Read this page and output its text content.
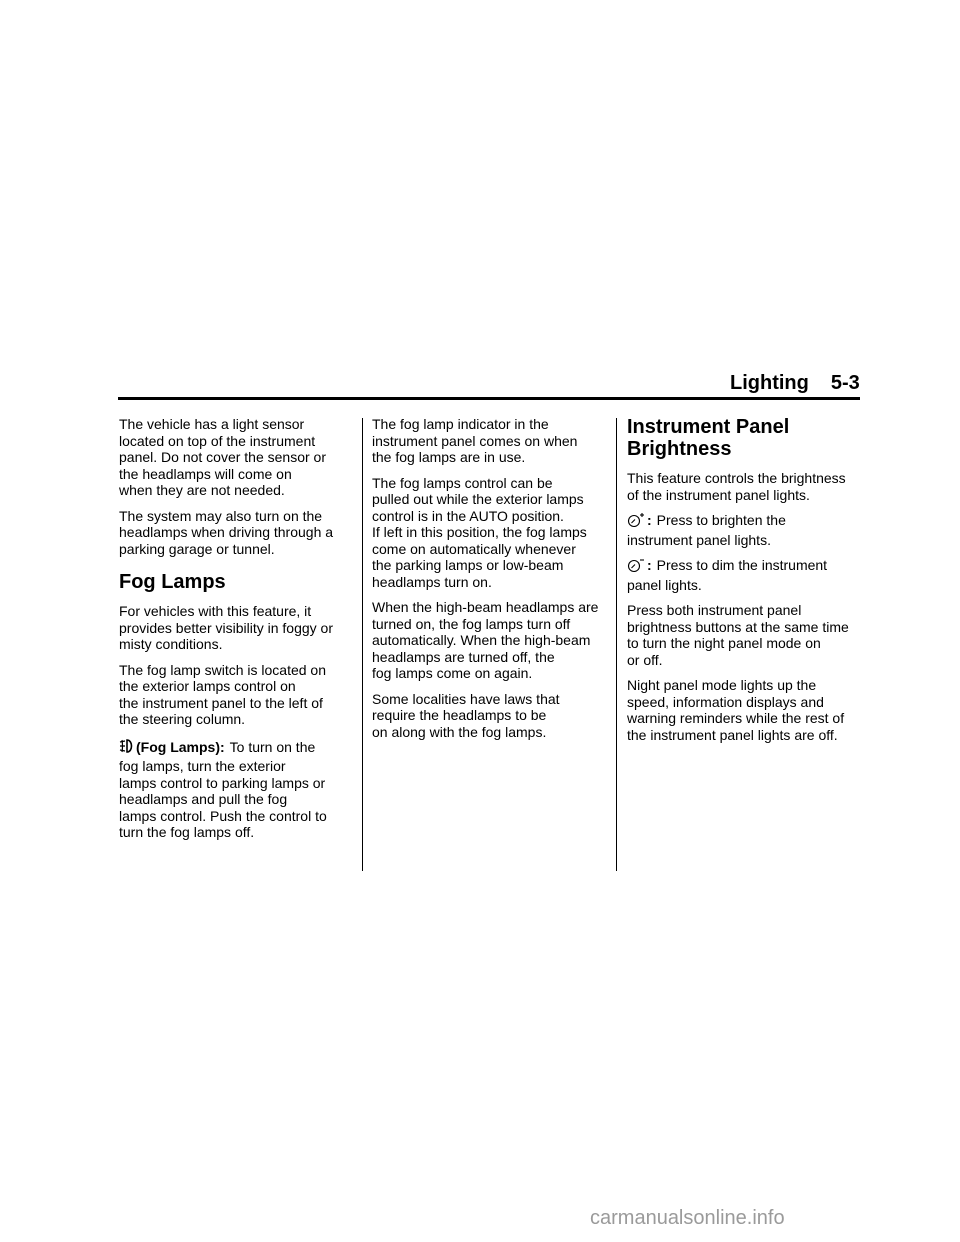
Lighting 5-3

The vehicle has a light sensor
located on top of the instrument
panel. Do not cover the sensor or
the headlamps will come on
when they are not needed.

The system may also turn on the
headlamps when driving through a
parking garage or tunnel.

Fog Lamps

For vehicles with this feature, it
provides better visibility in foggy or
misty conditions.

The fog lamp switch is located on
the exterior lamps control on
the instrument panel to the left of
the steering column.

(Fog Lamps): To turn on the
fog lamps, turn the exterior
lamps control to parking lamps or
headlamps and pull the fog
lamps control. Push the control to
turn the fog lamps off.

The fog lamp indicator in the
instrument panel comes on when
the fog lamps are in use.

The fog lamps control can be
pulled out while the exterior lamps
control is in the AUTO position.
If left in this position, the fog lamps
come on automatically whenever
the parking lamps or low-beam
headlamps turn on.

When the high-beam headlamps are
turned on, the fog lamps turn off
automatically. When the high-beam
headlamps are turned off, the
fog lamps come on again.

Some localities have laws that
require the headlamps to be
on along with the fog lamps.

Instrument Panel
Brightness

This feature controls the brightness
of the instrument panel lights.

: Press to brighten the
instrument panel lights.
: Press to dim the instrument
panel lights.

Press both instrument panel
brightness buttons at the same time
to turn the night panel mode on
or off.

Night panel mode lights up the
speed, information displays and
warning reminders while the rest of
the instrument panel lights are off.

carmanualsonline.info
